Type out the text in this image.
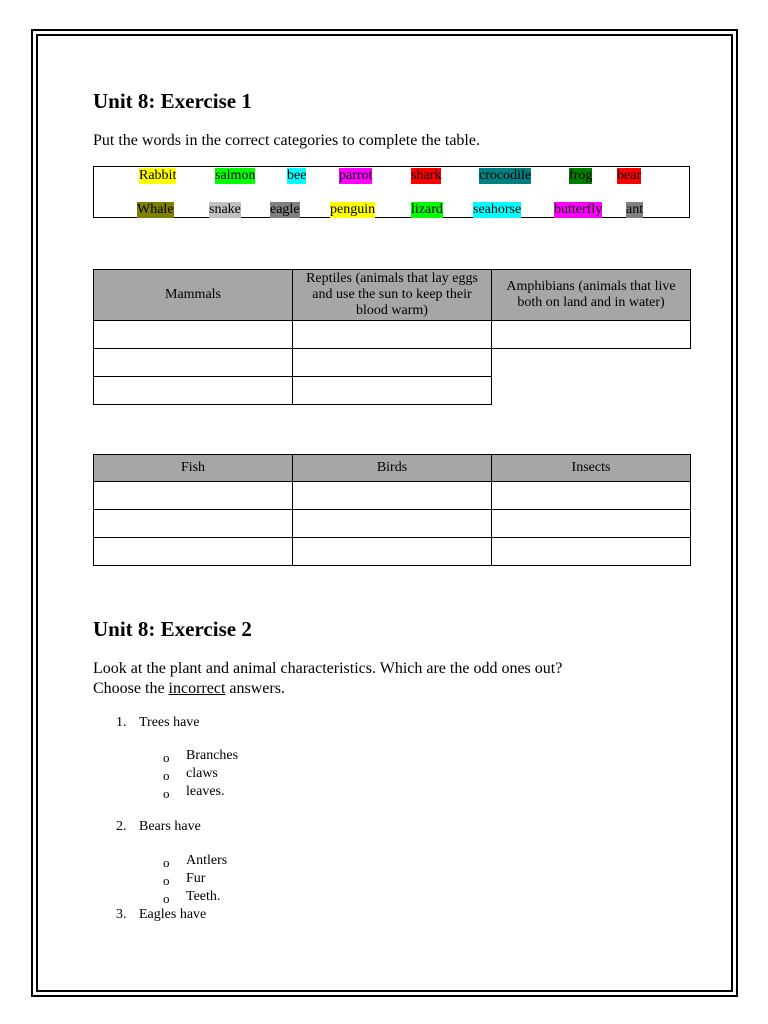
Unit 8: Exercise 1
Put the words in the correct categories to complete the table.
Rabbit	salmon bee parrot	shark	crocodile	frog bear
Whale	snake eagle penguin	lizard seahorse butterfly ant
Mammals	Reptiles (animals that lay eggs and use the sun to keep their blood warm)	Amphibians (animals that live both on land and in water)

Fish	Birds	Insects

Unit 8: Exercise 2
Look at the plant and animal characteristics. Which are the odd ones out?
Choose the incorrect answers.
1. Trees have
o Branches
o claws
o leaves.
2. Bears have
o Antlers
o Fur
o Teeth.
3. Eagles have
